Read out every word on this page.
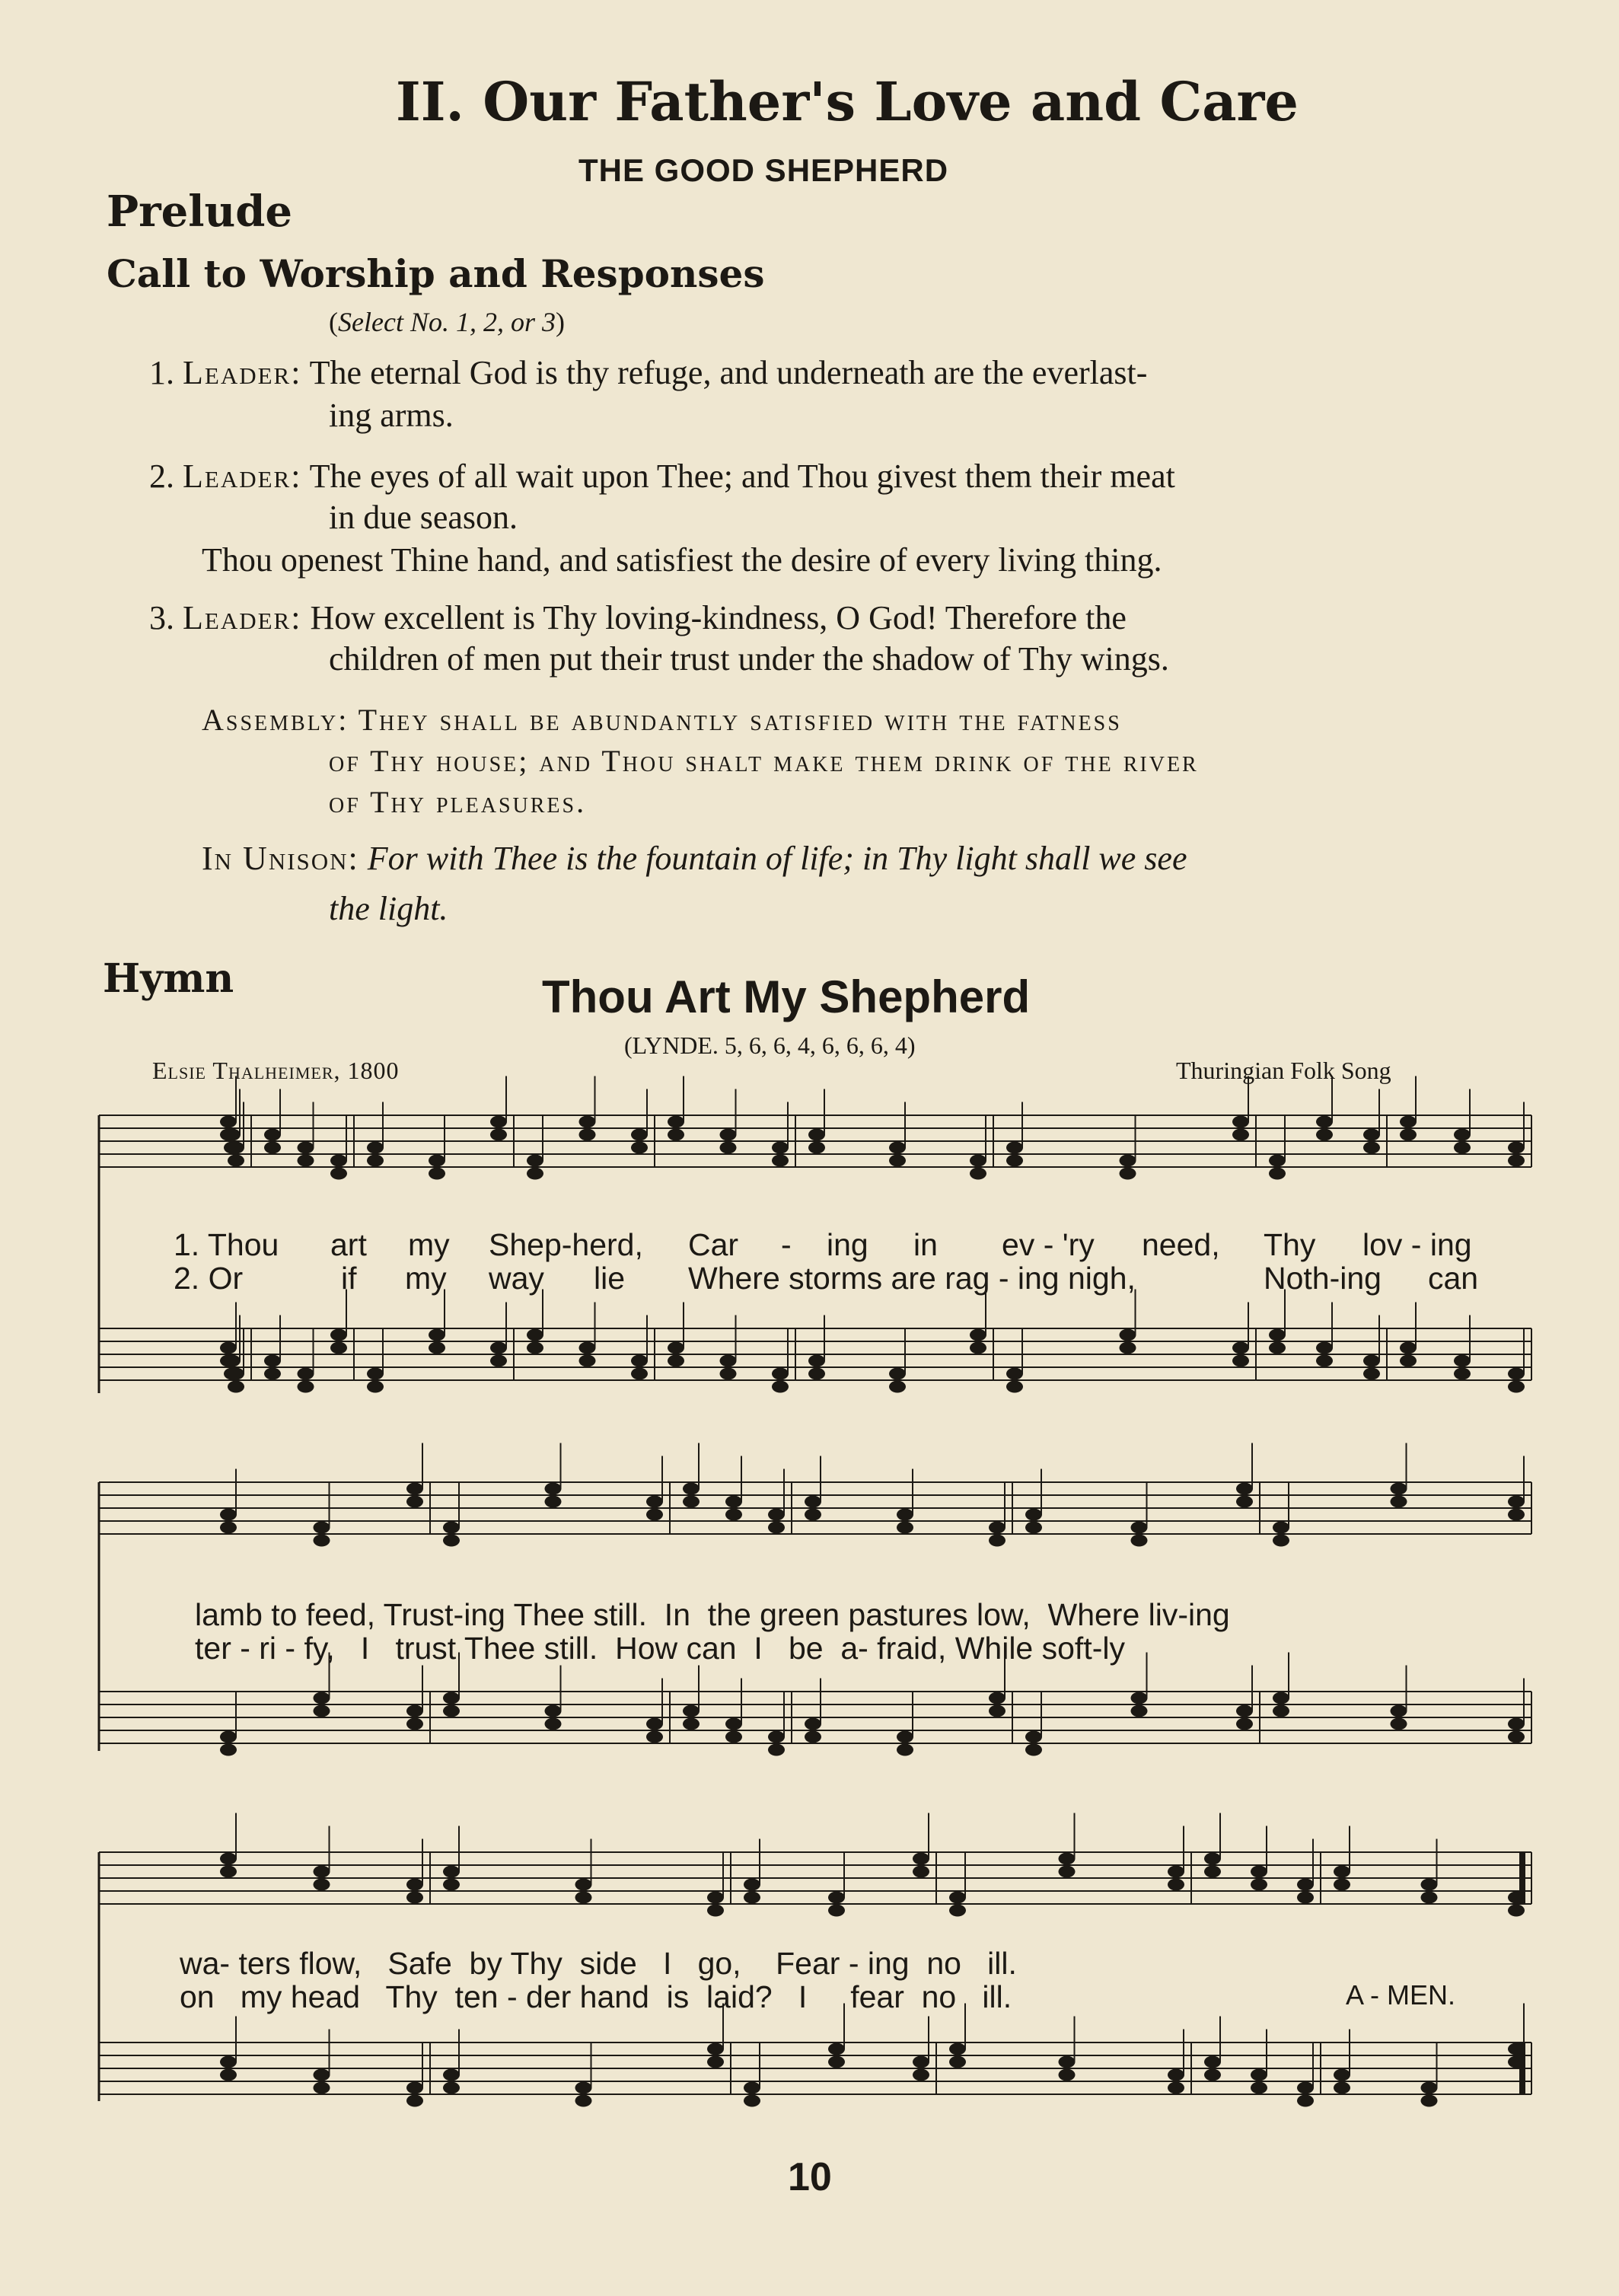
II. Our Father's Love and Care
THE GOOD SHEPHERD
Prelude
Call to Worship and Responses
(Select No. 1, 2, or 3)
1. Leader: The eternal God is thy refuge, and underneath are the everlast-
ing arms.
2. Leader: The eyes of all wait upon Thee; and Thou givest them their meat
in due season.
Thou openest Thine hand, and satisfiest the desire of every living thing.
3. Leader: How excellent is Thy loving-kindness, O God! Therefore the
children of men put their trust under the shadow of Thy wings.
Assembly: They shall be abundantly satisfied with the fatness
of Thy house; and Thou shalt make them drink of the river
of Thy pleasures.
In Unison: For with Thee is the fountain of life; in Thy light shall we see
the light.
Hymn	Thou Art My Shepherd
(LYNDE. 5, 6, 6, 4, 6, 6, 6, 4)
Elsie Thalheimer, 1800	Thuringian Folk Song
1. Thou art my Shep-herd, Car - ing in ev - 'ry need, Thy lov - ing
2. Or	if my way lie Where storms are rag - ing nigh,	Noth-ing can
lamb to feed, Trust-ing Thee still.  In  the green pastures low,  Where liv-ing
ter - ri - fy,   I   trust Thee still.  How can  I   be  a- fraid, While soft-ly
wa- ters flow,   Safe  by Thy  side   I   go,    Fear - ing  no   ill.
on   my head   Thy  ten - der hand  is  laid?   I     fear  no   ill.	A - MEN.
10
